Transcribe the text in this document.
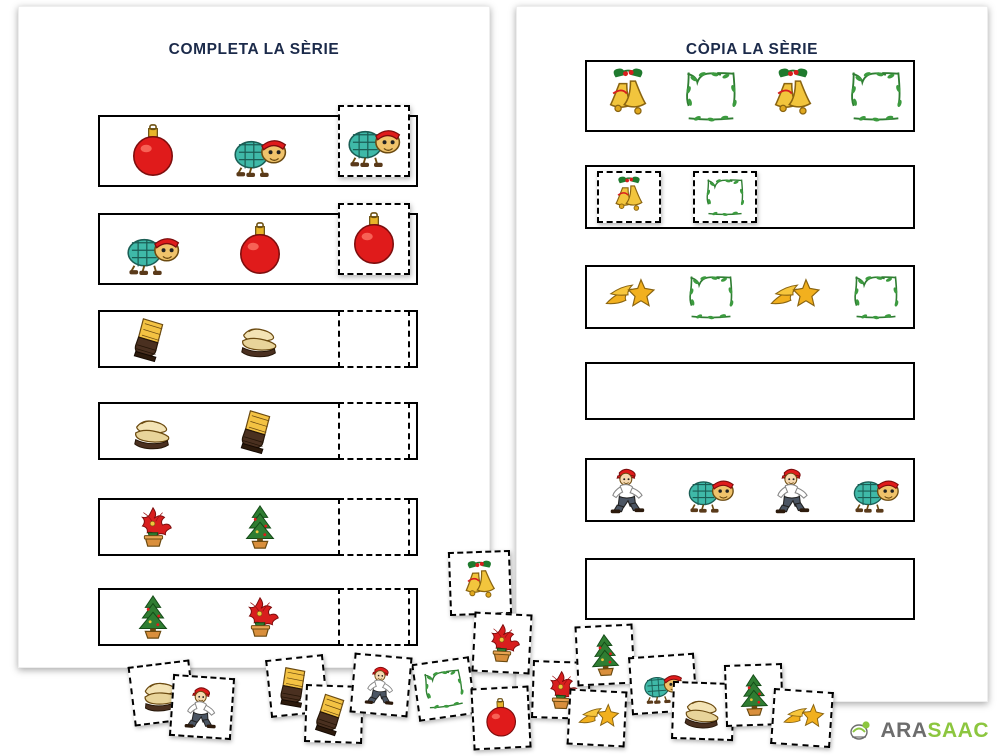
COMPLETA LA SÈRIE	CÒPIA LA SÈRIE
ARASAAC
